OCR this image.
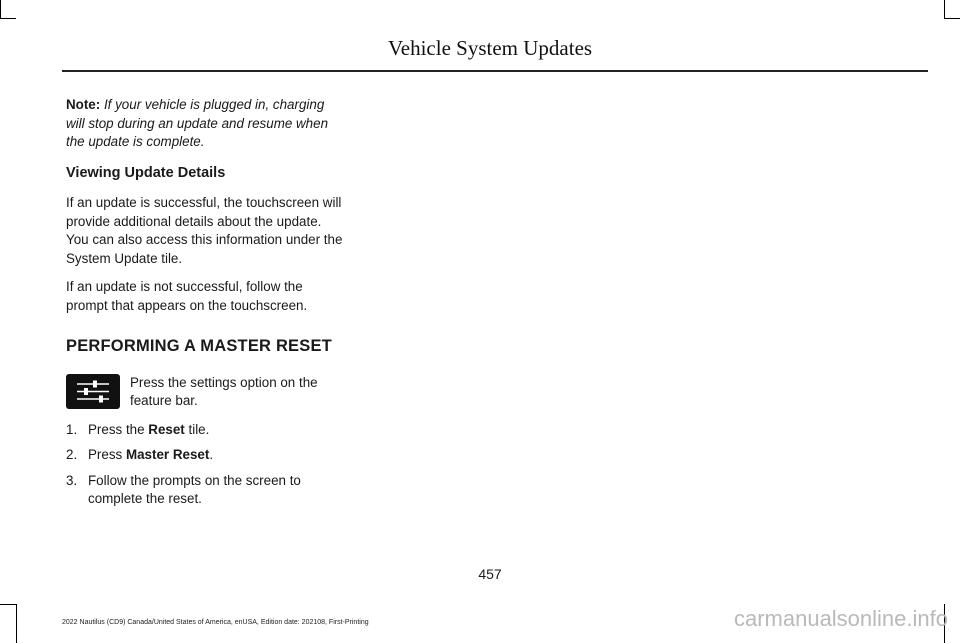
Vehicle System Updates

Note: If your vehicle is plugged in, charging will stop during an update and resume when the update is complete.

Viewing Update Details

If an update is successful, the touchscreen will provide additional details about the update. You can also access this information under the System Update tile.

If an update is not successful, follow the prompt that appears on the touchscreen.

PERFORMING A MASTER RESET

Press the settings option on the feature bar.
1. Press the Reset tile.
2. Press Master Reset.
3. Follow the prompts on the screen to complete the reset.
457
2022 Nautilus (CD9) Canada/United States of America, enUSA, Edition date: 202108, First-Printing	carmanualsonline.info
